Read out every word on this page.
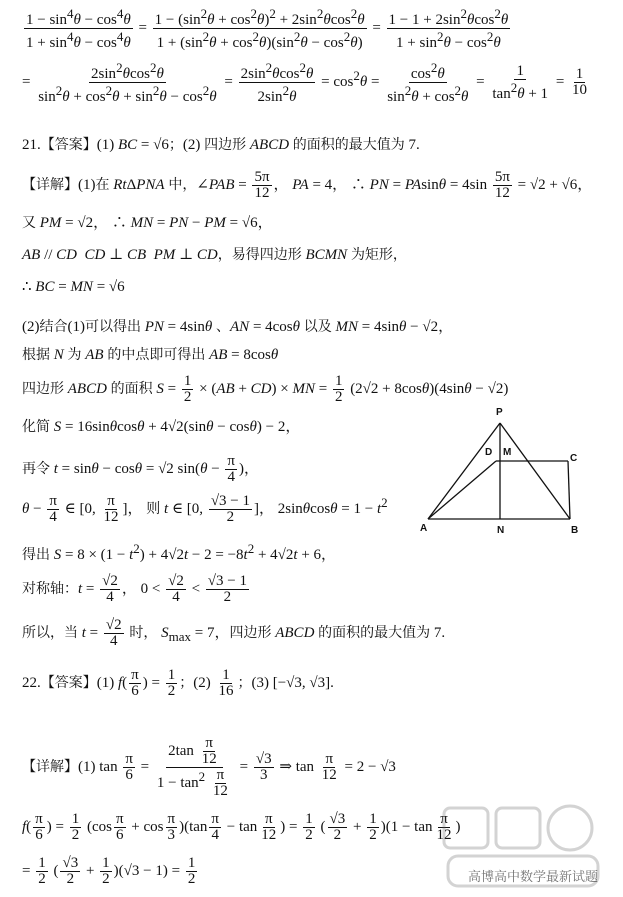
$\frac{1 - \sin^4\theta - \cos^4\theta}{1 + \sin^4\theta - \cos^4\theta} = \frac{1 - (\sin^2\theta + \cos^2\theta)^2 + 2\sin^2\theta\cos^2\theta}{1 + (\sin^2\theta + \cos^2\theta)(\sin^2\theta - \cos^2\theta)} = \frac{1 - 1 + 2\sin^2\theta\cos^2\theta}{1 + \sin^2\theta - \cos^2\theta}$
= $\frac{2\sin^2\theta\cos^2\theta}{\sin^2\theta + \cos^2\theta + \sin^2\theta - \cos^2\theta} = \frac{2\sin^2\theta\cos^2\theta}{2\sin^2\theta} = \cos^2\theta = \frac{\cos^2\theta}{\sin^2\theta + \cos^2\theta} = \frac{1}{\tan^2\theta + 1} = \frac{1}{10}$
21.【答案】(1) BC = √6；(2) 四边形 ABCD 的面积的最大值为 7.
【详解】(1)在 RtΔPNA 中，∠PAB = $\frac{5\pi}{12}$ ， PA = 4， ∴ PN = $PAsin\theta = 4\sin \frac{5\pi}{12} = √2 + √6$，
又 PM = √2， ∴ MN = PN − PM = √6，
AB // CD CD ⊥ CB PM ⊥ CD，易得四边形 BCMN 为矩形，
∴ BC = MN = √6
(2)结合(1)可以得出 PN = 4sinθ 、AN = 4cosθ 以及 MN = 4sinθ − √2，
根据 N 为 AB 的中点即可得出 AB = 8cosθ
四边形 ABCD 的面积 $S = \frac{1}{2} \times (AB + CD)$ × MN = $\frac{1}{2} (2√2 + 8\cos\theta)(4\sin\theta - √2)$
化简 S = 16sinθcosθ + 4√2(sinθ − cosθ) − 2，
再令 t = sinθ − cosθ = √2 $\sin(\theta - \frac{\pi}{4}$ )，
$\theta - \frac{\pi}{4}$ ∈ [0, $\frac{\pi}{12}$ ]， 则 t ∈ [0, $\frac{√3 - 1}{2}$ ]， $2\sin\theta\cos\theta = 1 - t^2$
得出 $S = 8 \times (1 - t^2) + 4√2t - 2 = -8t^2 + 4√2t + 6$，
对称轴：$t = \frac{√2}{4}$ ， $0 < \frac{√2}{4} < \frac{√3 - 1}{2}$
所以，当 $t = \frac{√2}{4}$ 时， $S_{max} = 7$，四边形 ABCD 的面积的最大值为 7.
22.【答案】(1) $f( \frac{\pi}{6}$ ) = $\frac{1}{2}$ ；$(2) \frac{1}{16}$ ；(3) [−√3, √3].
【详解】(1) $\tan \frac{\pi}{6} = \frac{2\tan \frac{\pi}{12}}{1 - \tan^2 \frac{\pi}{12}} = \frac{√3}{3}$ ⇒ $\tan \frac{\pi}{12} = 2 - √3$
$f( \frac{\pi}{6}$ ) = $\frac{1}{2} (\cos \frac{\pi}{6} + \cos \frac{\pi}{3} )(\tan \frac{\pi}{4} - \tan \frac{\pi}{12}$ ) = $\frac{1}{2}$ ( $\frac{√3}{2} + \frac{1}{2} )(1 - \tan \frac{\pi}{12}$ )
= $\frac{1}{2}$ ( $\frac{√3}{2} + \frac{1}{2} )(√3 - 1) = \frac{1}{2}$
P
D M
C
A	N	B
高博高中数学最新试题
